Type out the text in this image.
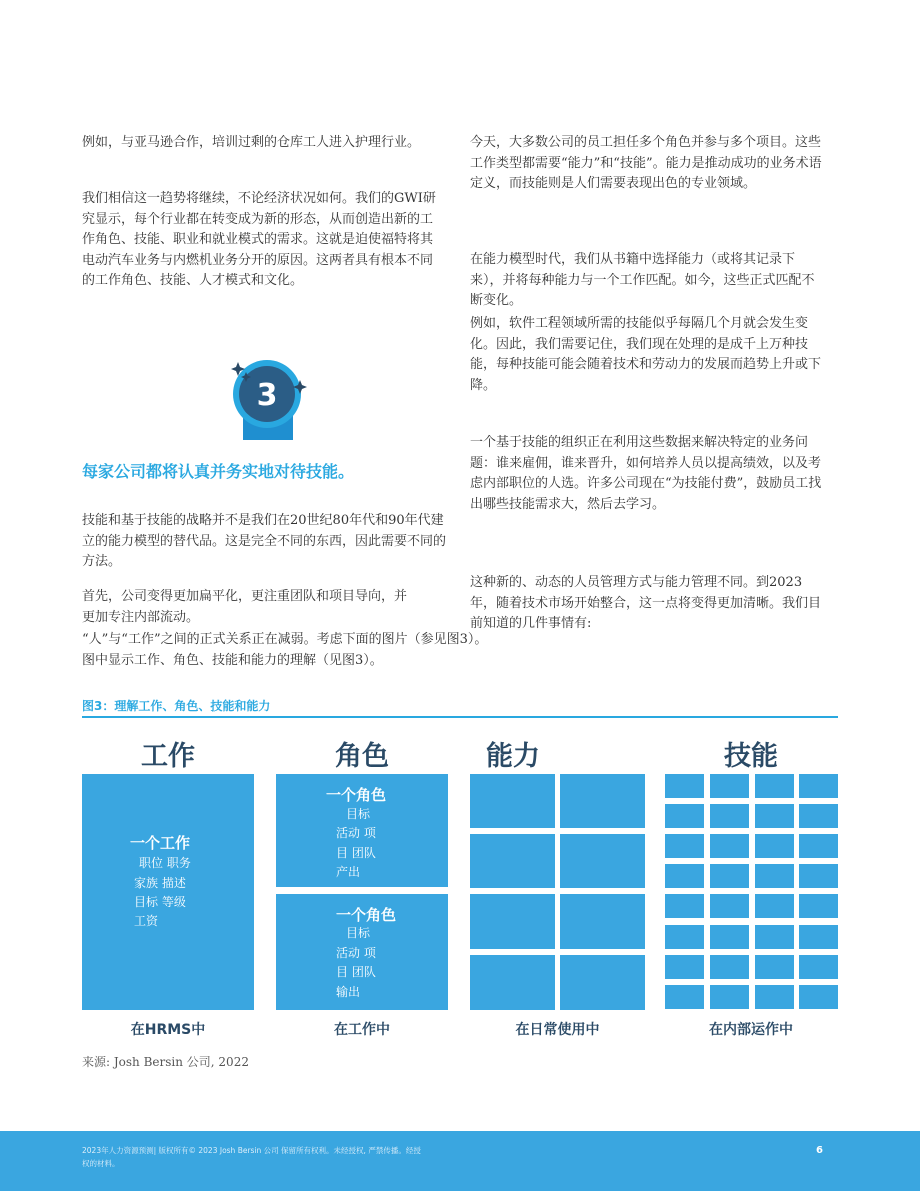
例如，与亚马逊合作，培训过剩的仓库工人进入护理行业。

我们相信这一趋势将继续，不论经济状况如何。我们的GWI研究显示，每个行业都在转变成为新的形态，从而创造出新的工作角色、技能、职业和就业模式的需求。这就是迫使福特将其电动汽车业务与内燃机业务分开的原因。这两者具有根本不同的工作角色、技能、人才模式和文化。

3
每家公司都将认真并务实地对待技能。

技能和基于技能的战略并不是我们在20世纪80年代和90年代建立的能力模型的替代品。这是完全不同的东西，因此需要不同的方法。

首先，公司变得更加扁平化，更注重团队和项目导向，并更加专注内部流动。

“人”与“工作”之间的正式关系正在减弱。考虑下面的图片（参见图3）。

图中显示工作、角色、技能和能力的理解（见图3）。

今天，大多数公司的员工担任多个角色并参与多个项目。这些工作类型都需要“能力”和“技能”。能力是推动成功的业务术语定义，而技能则是人们需要表现出色的专业领域。

在能力模型时代，我们从书籍中选择能力（或将其记录下来），并将每种能力与一个工作匹配。如今，这些正式匹配不断变化。

例如，软件工程领域所需的技能似乎每隔几个月就会发生变化。因此，我们需要记住，我们现在处理的是成千上万种技能，每种技能可能会随着技术和劳动力的发展而趋势上升或下降。

一个基于技能的组织正在利用这些数据来解决特定的业务问题：谁来雇佣，谁来晋升，如何培养人员以提高绩效，以及考虑内部职位的人选。许多公司现在“为技能付费”，鼓励员工找出哪些技能需求大，然后去学习。

这种新的、动态的人员管理方式与能力管理不同。到2023年，随着技术市场开始整合，这一点将变得更加清晰。我们目前知道的几件事情有:

图3：理解工作、角色、技能和能力
工作	角色	能力	技能
一个工作
职位 职务
家族 描述
目标 等级
工资
一个角色
目标
活动 项
目 团队
产出
一个角色
目标
活动 项
目 团队
输出
在HRMS中	在工作中	在日常使用中	在内部运作中
来源: Josh Bersin 公司, 2022
2023年人力资源预测| 版权所有© 2023 Josh Bersin 公司 保留所有权利。未经授权, 严禁传播。经授权的材料。
6
